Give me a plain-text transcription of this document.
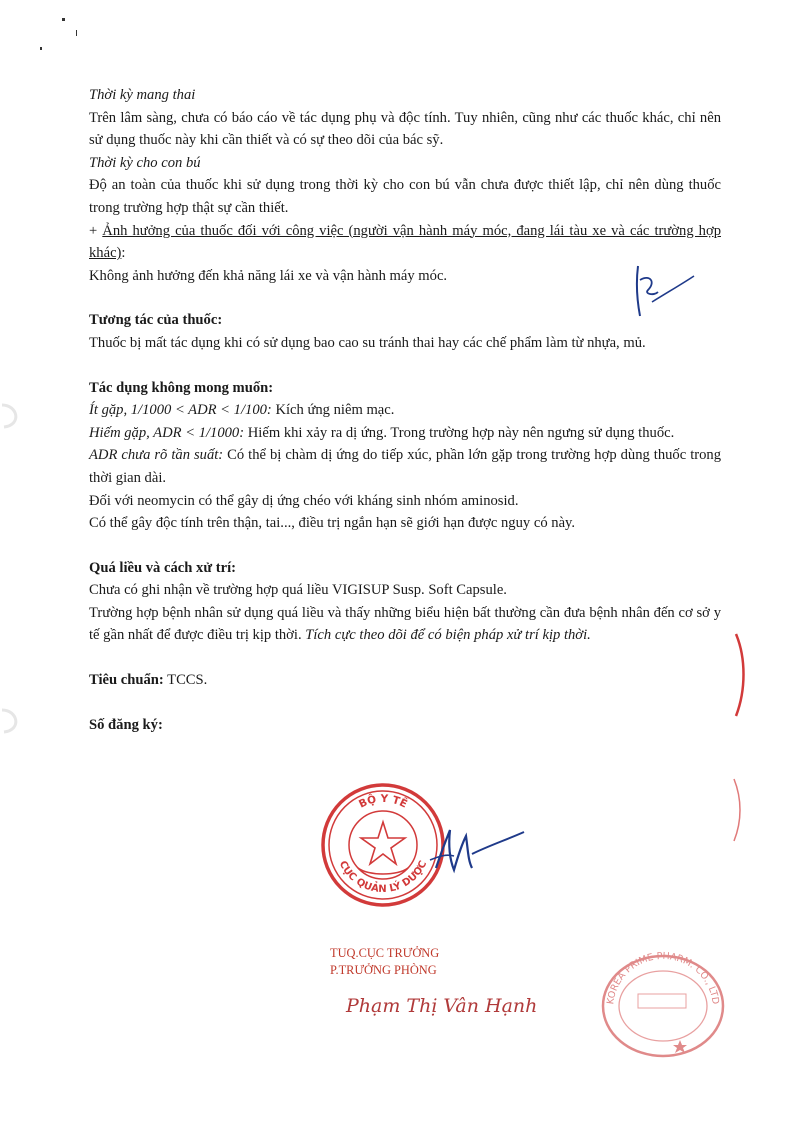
Thời kỳ mang thai

Trên lâm sàng, chưa có báo cáo về tác dụng phụ và độc tính. Tuy nhiên, cũng như các thuốc khác, chỉ nên sử dụng thuốc này khi cần thiết và có sự theo dõi của bác sỹ.

Thời kỳ cho con bú

Độ an toàn của thuốc khi sử dụng trong thời kỳ cho con bú vẫn chưa được thiết lập, chỉ nên dùng thuốc trong trường hợp thật sự cần thiết.

+ Ảnh hưởng của thuốc đối với công việc (người vận hành máy móc, đang lái tàu xe và các trường hợp khác):

Không ảnh hưởng đến khả năng lái xe và vận hành máy móc.

Tương tác của thuốc:

Thuốc bị mất tác dụng khi có sử dụng bao cao su tránh thai hay các chế phẩm làm từ nhựa, mủ.

Tác dụng không mong muốn:

Ít gặp, 1/1000 < ADR < 1/100: Kích ứng niêm mạc.

Hiếm gặp, ADR < 1/1000: Hiếm khi xảy ra dị ứng. Trong trường hợp này nên ngưng sử dụng thuốc.

ADR chưa rõ tần suất: Có thể bị chàm dị ứng do tiếp xúc, phần lớn gặp trong trường hợp dùng thuốc trong thời gian dài.

Đối với neomycin có thể gây dị ứng chéo với kháng sinh nhóm aminosid.

Có thể gây độc tính trên thận, tai..., điều trị ngắn hạn sẽ giới hạn được nguy có này.

Quá liều và cách xử trí:

Chưa có ghi nhận về trường hợp quá liều VIGISUP Susp. Soft Capsule.

Trường hợp bệnh nhân sử dụng quá liều và thấy những biểu hiện bất thường cần đưa bệnh nhân đến cơ sở y tế gần nhất để được điều trị kịp thời. Tích cực theo dõi để có biện pháp xử trí kịp thời.

Tiêu chuẩn: TCCS.

Số đăng ký:

BỘ Y TẾ
CỤC QUẢN LÝ DƯỢC
TUQ.CỤC TRƯỞNG
P.TRƯỞNG PHÒNG
Phạm Thị Vân Hạnh	KOREA PRIME PHARM. CO., LTD
